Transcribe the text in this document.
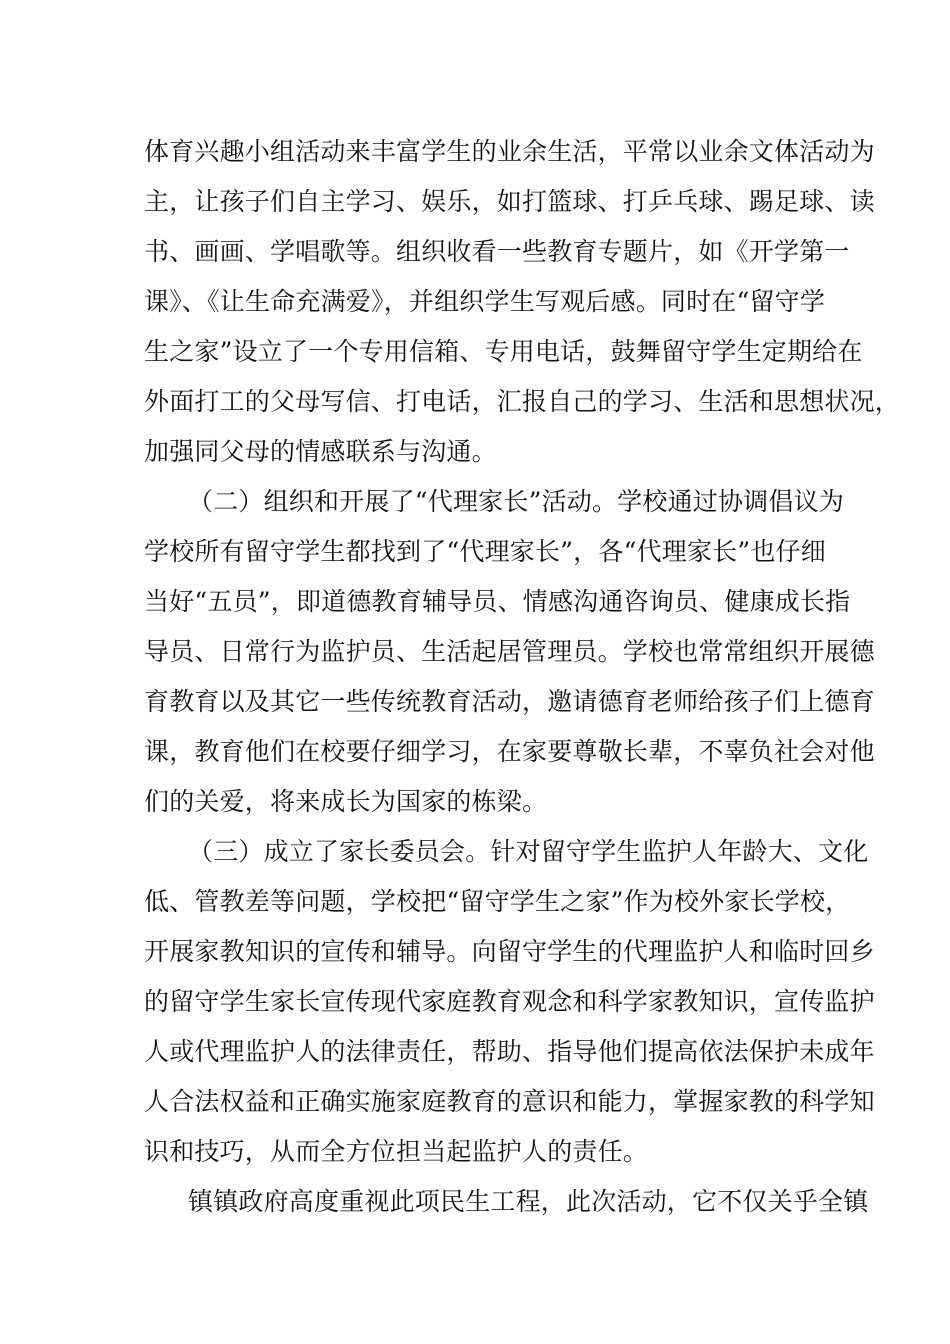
体育兴趣小组活动来丰富学生的业余生活，平常以业余文体活动为
主，让孩子们自主学习、娱乐，如打篮球、打乒乓球、踢足球、读
书、画画、学唱歌等。组织收看一些教育专题片，如《开学第一
课》、《让生命充满爱》，并组织学生写观后感。同时在“留守学
生之家”设立了一个专用信箱、专用电话，鼓舞留守学生定期给在
外面打工的父母写信、打电话，汇报自己的学习、生活和思想状况，
加强同父母的情感联系与沟通。
（二）组织和开展了“代理家长”活动。学校通过协调倡议为
学校所有留守学生都找到了“代理家长”，各“代理家长”也仔细
当好“五员”，即道德教育辅导员、情感沟通咨询员、健康成长指
导员、日常行为监护员、生活起居管理员。学校也常常组织开展德
育教育以及其它一些传统教育活动，邀请德育老师给孩子们上德育
课，教育他们在校要仔细学习，在家要尊敬长辈，不辜负社会对他
们的关爱，将来成长为国家的栋梁。
（三）成立了家长委员会。针对留守学生监护人年龄大、文化
低、管教差等问题，学校把“留守学生之家”作为校外家长学校，
开展家教知识的宣传和辅导。向留守学生的代理监护人和临时回乡
的留守学生家长宣传现代家庭教育观念和科学家教知识，宣传监护
人或代理监护人的法律责任，帮助、指导他们提高依法保护未成年
人合法权益和正确实施家庭教育的意识和能力，掌握家教的科学知
识和技巧，从而全方位担当起监护人的责任。
镇镇政府高度重视此项民生工程，此次活动，它不仅关乎全镇
